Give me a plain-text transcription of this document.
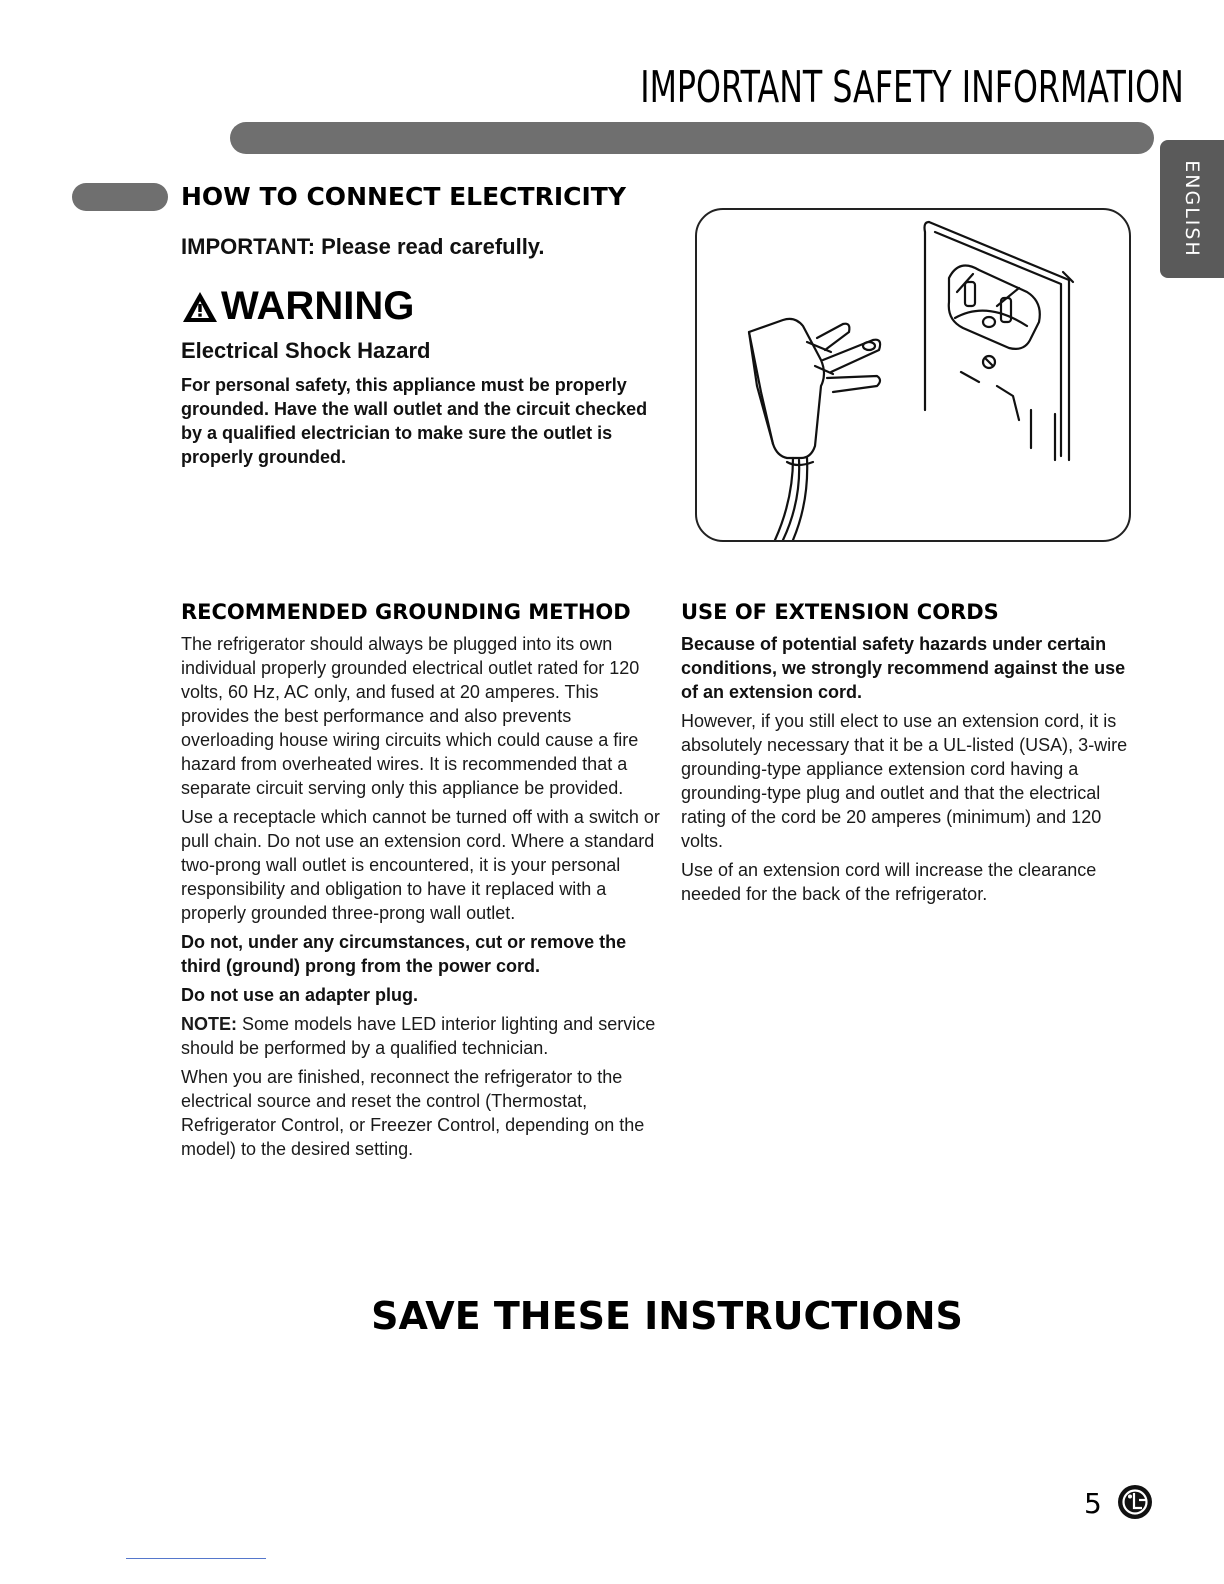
IMPORTANT SAFETY INFORMATION
ENGLISH
HOW TO CONNECT ELECTRICITY
IMPORTANT: Please read carefully.
WARNING
Electrical Shock Hazard
For personal safety, this appliance must be properly grounded. Have the wall outlet and the circuit checked by a qualified electrician to make sure the outlet is properly grounded.
RECOMMENDED GROUNDING METHOD

The refrigerator should always be plugged into its own individual properly grounded electrical outlet rated for 120 volts, 60 Hz, AC only, and fused at 20 amperes. This provides the best performance and also prevents overloading house wiring circuits which could cause a fire hazard from overheated wires. It is recommended that a separate circuit serving only this appliance be provided.

Use a receptacle which cannot be turned off with a switch or pull chain. Do not use an extension cord. Where a standard two-prong wall outlet is encountered, it is your personal responsibility and obligation to have it replaced with a properly grounded three-prong wall outlet.

Do not, under any circumstances, cut or remove the third (ground) prong from the power cord.

Do not use an adapter plug.

NOTE: Some models have LED interior lighting and service should be performed by a qualified technician.

When you are finished, reconnect the refrigerator to the electrical source and reset the control (Thermostat, Refrigerator Control, or Freezer Control, depending on the model) to the desired setting.

USE OF EXTENSION CORDS

Because of potential safety hazards under certain conditions, we strongly recommend against the use of an extension cord.

However, if you still elect to use an extension cord, it is absolutely necessary that it be a UL-listed (USA), 3-wire grounding-type appliance extension cord having a grounding-type plug and outlet and that the electrical rating of the cord be 20 amperes (minimum) and 120 volts.

Use of an extension cord will increase the clearance needed for the back of the refrigerator.

SAVE THESE INSTRUCTIONS
5
